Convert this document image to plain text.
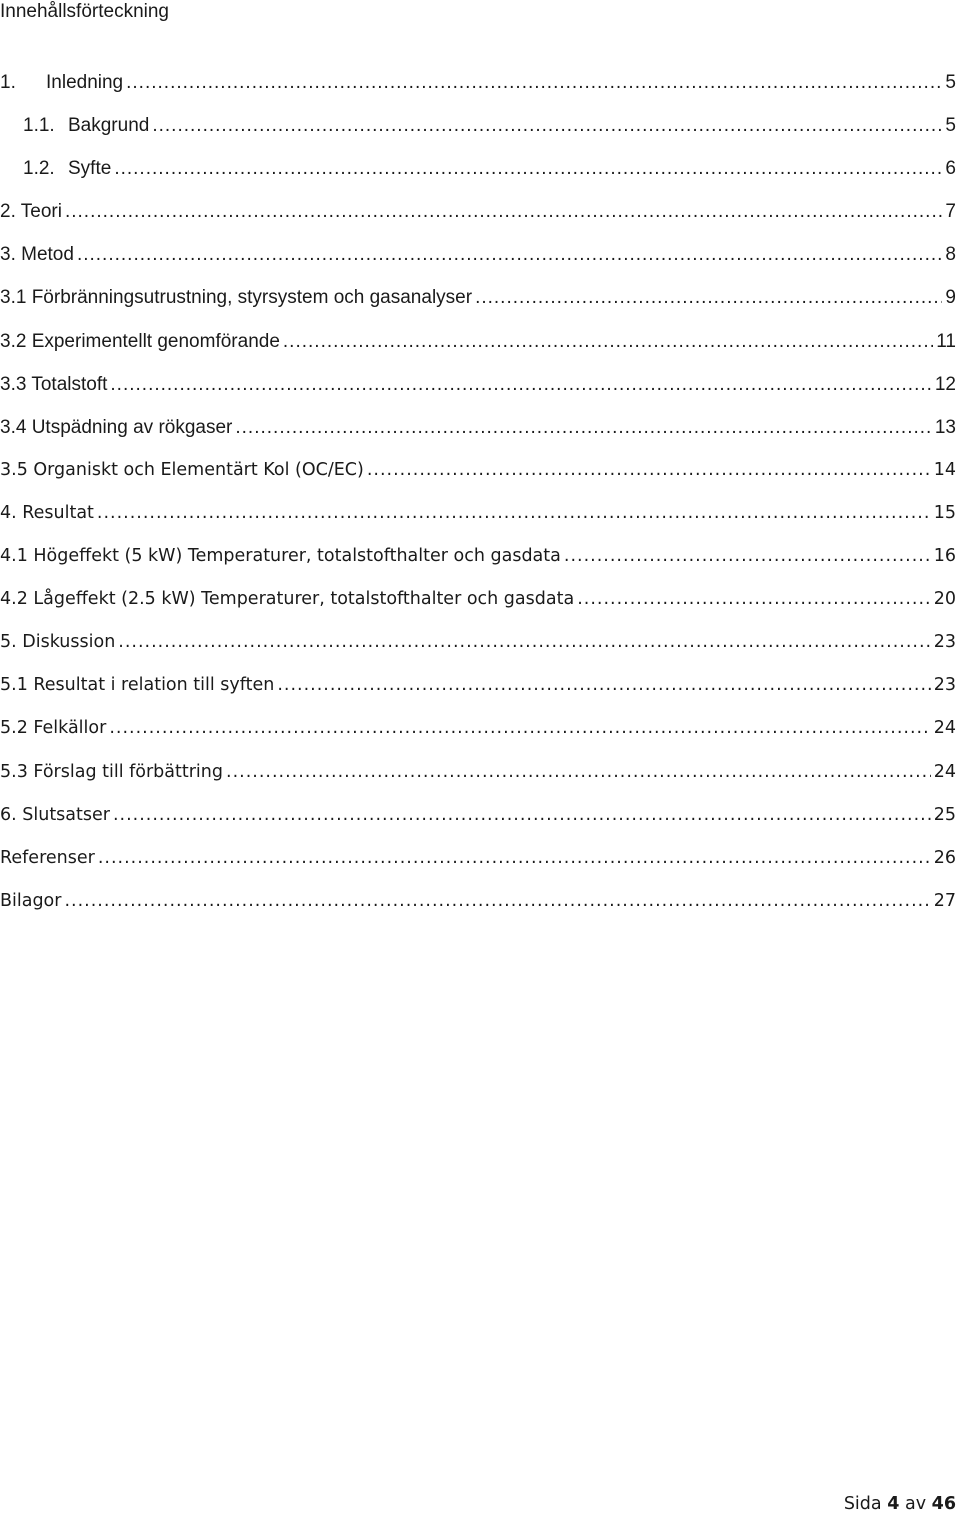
Innehållsförteckning
1.	Inledning .....	5
1.1. Bakgrund .....	5
1.2. Syfte .....	6
2. Teori .....	7
3. Metod .....	8
3.1 Förbränningsutrustning, styrsystem och gasanalyser .....	9
3.2 Experimentellt genomförande .....	11
3.3 Totalstoft .....	12
3.4 Utspädning av rökgaser .....	13
3.5 Organiskt och Elementärt Kol (OC/EC) .....	14
4. Resultat .....	15
4.1 Högeffekt (5 kW) Temperaturer, totalstofthalter och gasdata .....	16
4.2 Lågeffekt (2.5 kW) Temperaturer, totalstofthalter och gasdata .....	20
5. Diskussion .....	23
5.1 Resultat i relation till syften .....	23
5.2 Felkällor .....	24
5.3 Förslag till förbättring .....	24
6. Slutsatser .....	25
Referenser .....	26
Bilagor .....	27
Sida 4 av 46
